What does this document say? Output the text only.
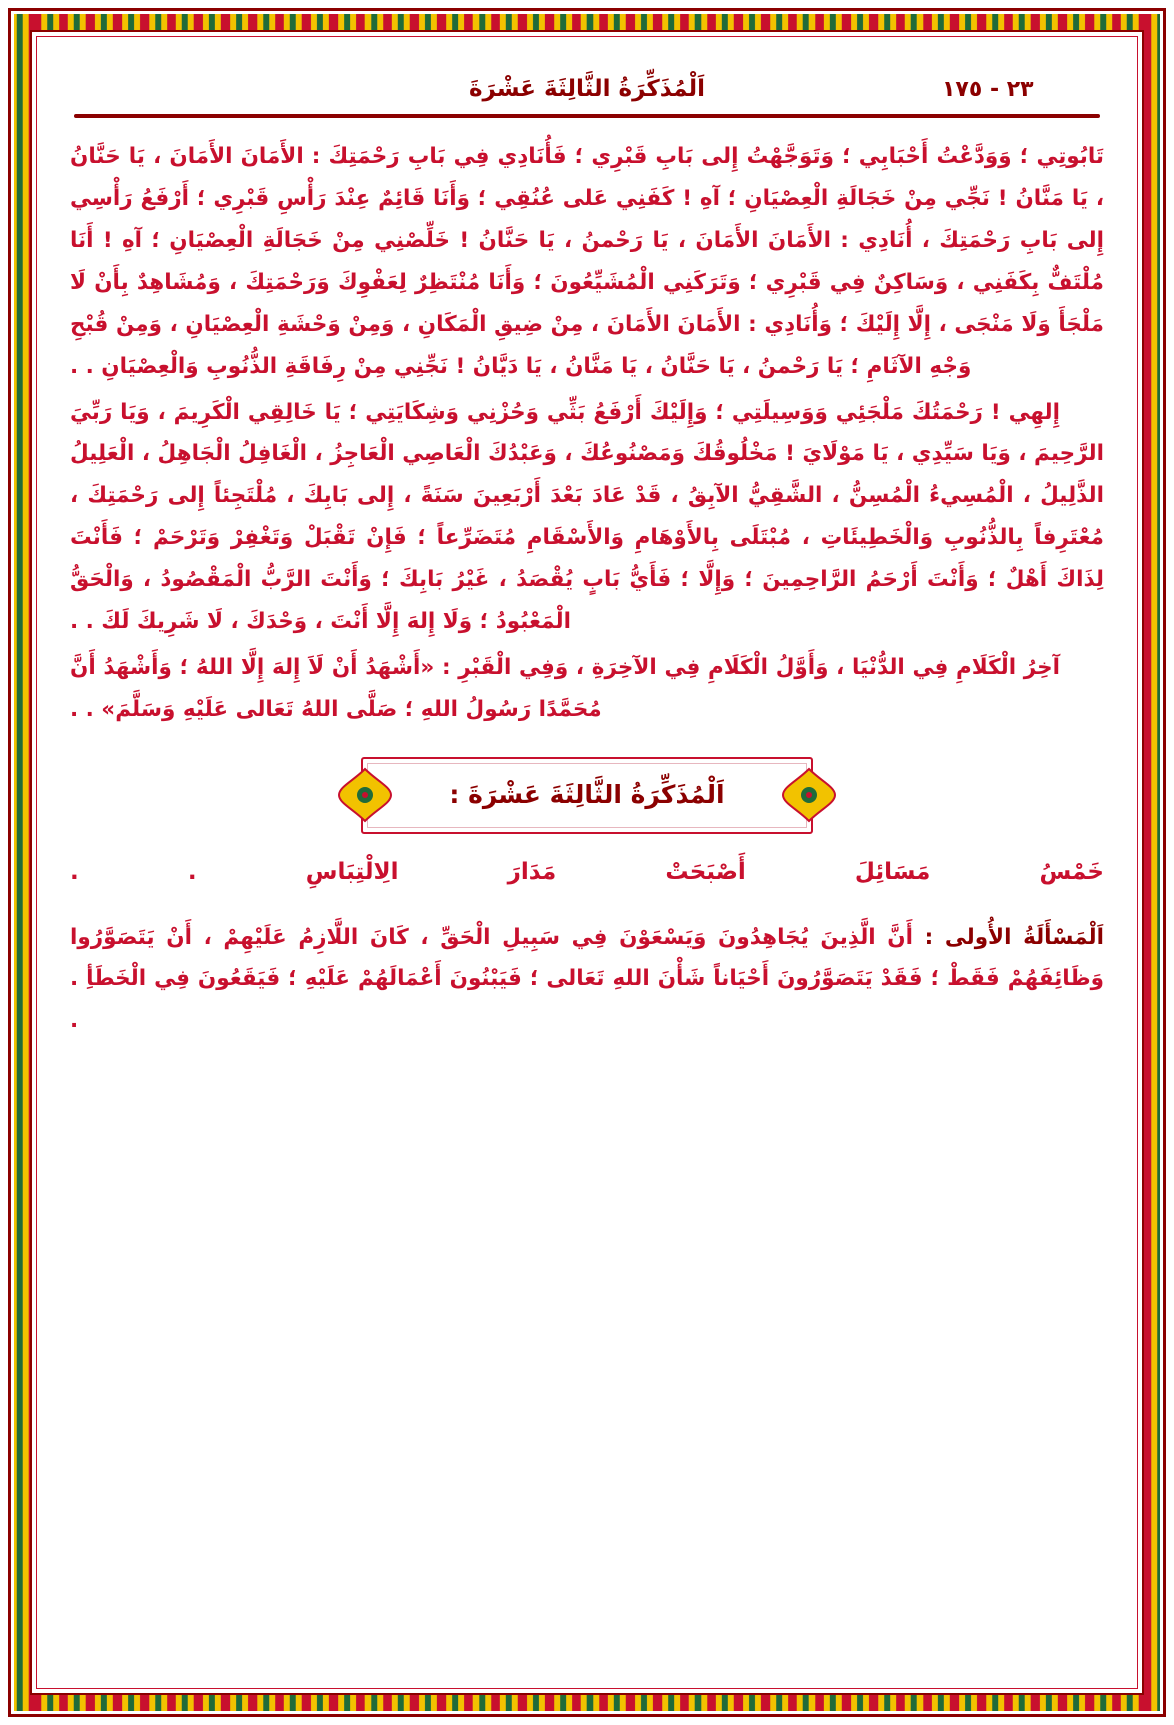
٢٣ - ١٧٥
اَلْمُذَكِّرَةُ الثَّالِثَةَ عَشْرَةَ

تَابُوتِي ؛ وَوَدَّعْتُ أَحْبَابِي ؛ وَتَوَجَّهْتُ إِلى بَابِ قَبْرِي ؛ فَأُنَادِي فِي بَابِ رَحْمَتِكَ : الأَمَانَ الأَمَانَ ، يَا حَنَّانُ ، يَا مَنَّانُ ! نَجِّي مِنْ خَجَالَةِ الْعِصْيَانِ ؛ آهِ ! كَفَنِي عَلى عُنُقِي ؛ وَأَنَا قَائِمٌ عِنْدَ رَأْسِ قَبْرِي ؛ أَرْفَعُ رَأْسِي إِلى بَابِ رَحْمَتِكَ ، أُنَادِي : الأَمَانَ الأَمَانَ ، يَا رَحْمنُ ، يَا حَنَّانُ ! خَلِّصْنِي مِنْ خَجَالَةِ الْعِصْيَانِ ؛ آهِ ! أَنَا مُلْتَفٌّ بِكَفَنِي ، وَسَاكِنٌ فِي قَبْرِي ؛ وَتَرَكَنِي الْمُشَيِّعُونَ ؛ وَأَنَا مُنْتَظِرٌ لِعَفْوِكَ وَرَحْمَتِكَ ، وَمُشَاهِدٌ بِأَنْ لَا مَلْجَأَ وَلَا مَنْجَى ، إِلَّا إِلَيْكَ ؛ وَأُنَادِي : الأَمَانَ الأَمَانَ ، مِنْ ضِيقِ الْمَكَانِ ، وَمِنْ وَحْشَةِ الْعِصْيَانِ ، وَمِنْ قُبْحِ وَجْهِ الآثَامِ ؛ يَا رَحْمنُ ، يَا حَنَّانُ ، يَا مَنَّانُ ، يَا دَيَّانُ ! نَجِّنِي مِنْ رِفَاقَةِ الذُّنُوبِ وَالْعِصْيَانِ . .

إِلهِي ! رَحْمَتُكَ مَلْجَئِي وَوَسِيلَتِي ؛ وَإِلَيْكَ أَرْفَعُ بَثِّي وَحُزْنِي وَشِكَايَتِي ؛ يَا خَالِقِي الْكَرِيمَ ، وَيَا رَبِّيَ الرَّحِيمَ ، وَيَا سَيِّدِي ، يَا مَوْلَايَ ! مَخْلُوقُكَ وَمَصْنُوعُكَ ، وَعَبْدُكَ الْعَاصِي الْعَاجِزُ ، الْغَافِلُ الْجَاهِلُ ، الْعَلِيلُ الذَّلِيلُ ، الْمُسِيءُ الْمُسِنُّ ، الشَّقِيُّ الآبِقُ ، قَدْ عَادَ بَعْدَ أَرْبَعِينَ سَنَةً ، إِلى بَابِكَ ، مُلْتَجِئاً إِلى رَحْمَتِكَ ، مُعْتَرِفاً بِالذُّنُوبِ وَالْخَطِيئَاتِ ، مُبْتَلَى بِالأَوْهَامِ وَالأَسْقَامِ مُتَضَرِّعاً ؛ فَإِنْ تَقْبَلْ وَتَغْفِرْ وَتَرْحَمْ ؛ فَأَنْتَ لِذَاكَ أَهْلٌ ؛ وَأَنْتَ أَرْحَمُ الرَّاحِمِينَ ؛ وَإِلَّا ؛ فَأَيُّ بَابٍ يُقْصَدُ ، غَيْرُ بَابِكَ ؛ وَأَنْتَ الرَّبُّ الْمَقْصُودُ ، وَالْحَقُّ الْمَعْبُودُ ؛ وَلَا إِلهَ إِلَّا أَنْتَ ، وَحْدَكَ ، لَا شَرِيكَ لَكَ . .

آخِرُ الْكَلَامِ فِي الدُّنْيَا ، وَأَوَّلُ الْكَلَامِ فِي الآخِرَةِ ، وَفِي الْقَبْرِ : «أَشْهَدُ أَنْ لَاَ إِلهَ إِلَّا اللهُ ؛ وَأَشْهَدُ أَنَّ مُحَمَّدًا رَسُولُ اللهِ ؛ صَلَّى اللهُ تَعَالى عَلَيْهِ وَسَلَّمَ» . .

اَلْمُذَكِّرَةُ الثَّالِثَةَ عَشْرَةَ :
خَمْسُ مَسَائِلَ أَصْبَحَتْ مَدَارَ الِالْتِبَاسِ . .

اَلْمَسْأَلَةُ الأُولى : أَنَّ الَّذِينَ يُجَاهِدُونَ وَيَسْعَوْنَ فِي سَبِيلِ الْحَقِّ ، كَانَ اللَّازِمُ عَلَيْهِمْ ، أَنْ يَتَصَوَّرُوا وَظَائِفَهُمْ فَقَطْ ؛ فَقَدْ يَتَصَوَّرُونَ أَحْيَاناً شَأْنَ اللهِ تَعَالى ؛ فَيَبْنُونَ أَعْمَالَهُمْ عَلَيْهِ ؛ فَيَقَعُونَ فِي الْخَطَأِ . .
